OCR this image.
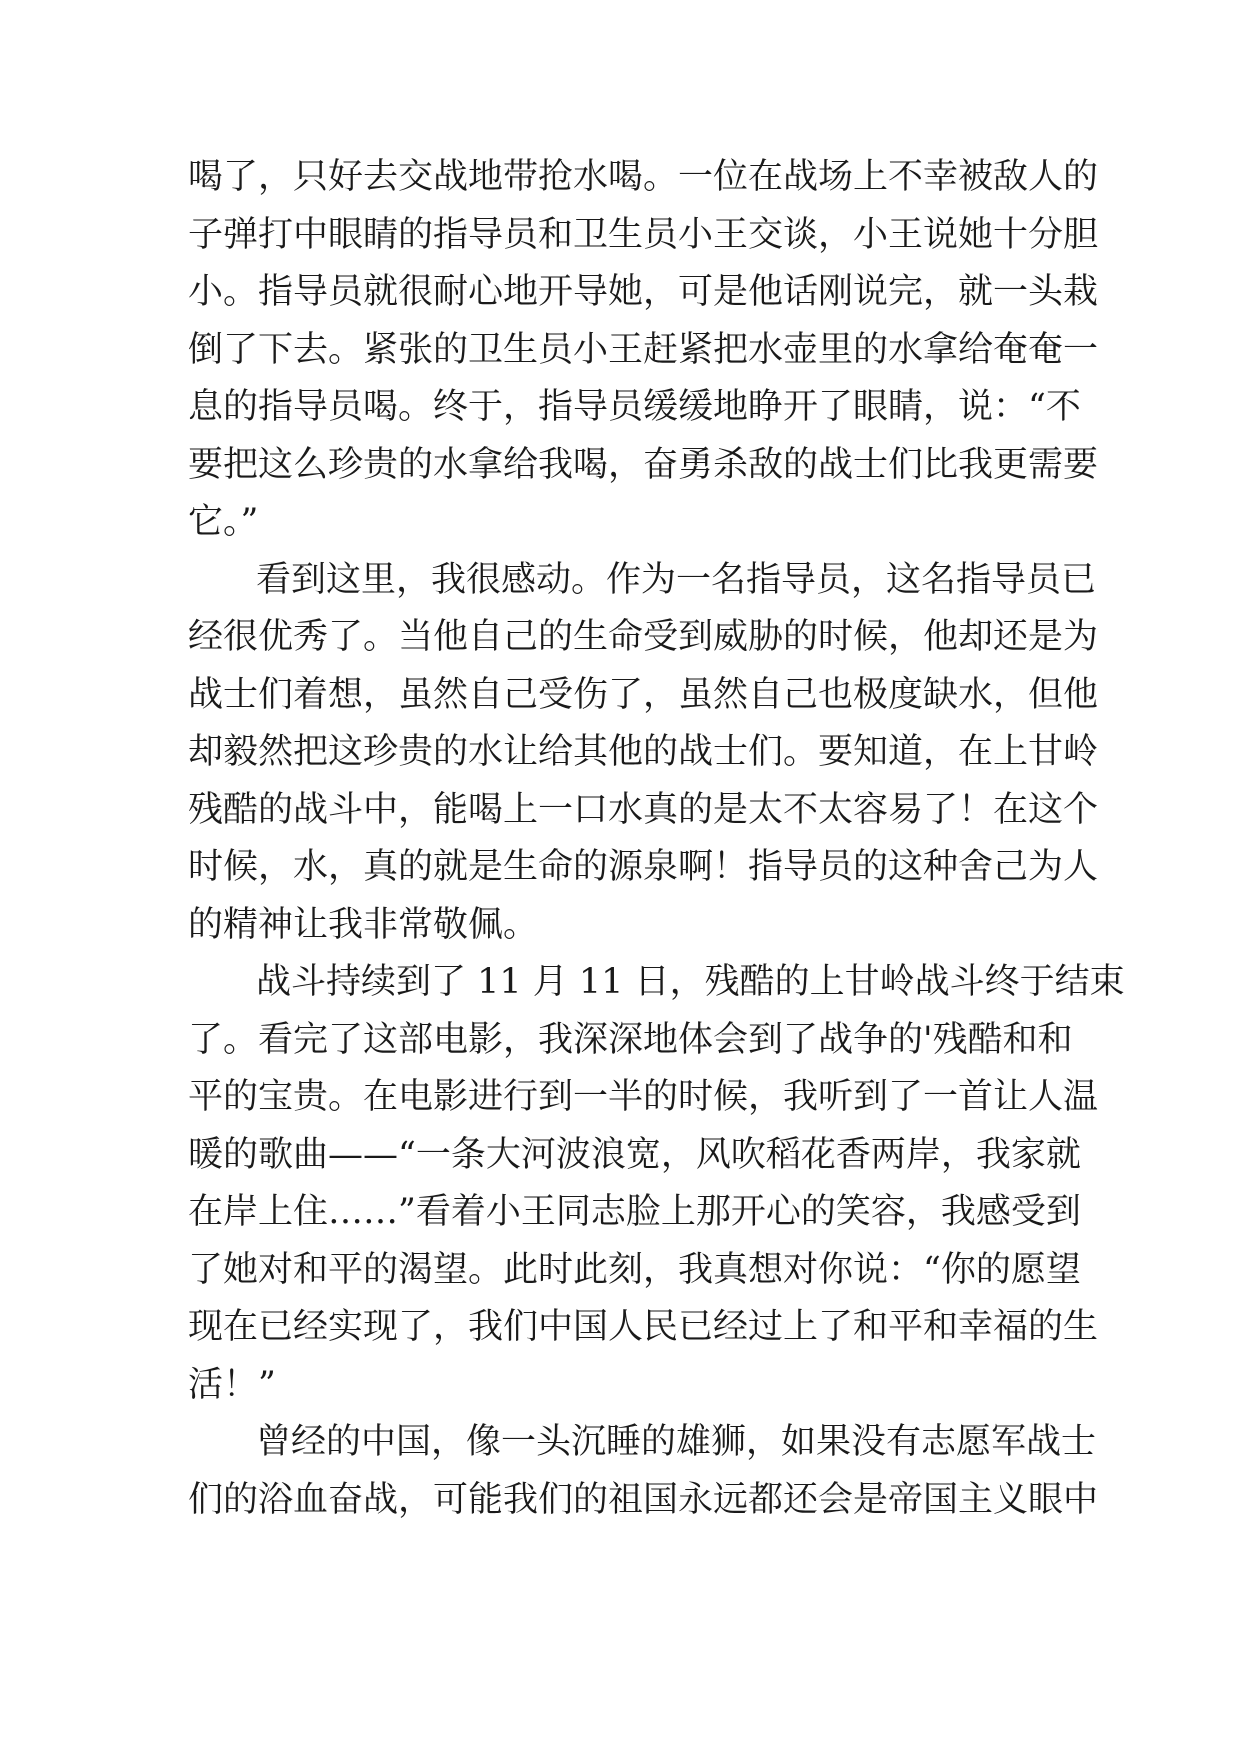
喝了，只好去交战地带抢水喝。一位在战场上不幸被敌人的
子弹打中眼睛的指导员和卫生员小王交谈，小王说她十分胆
小。指导员就很耐心地开导她，可是他话刚说完，就一头栽
倒了下去。紧张的卫生员小王赶紧把水壶里的水拿给奄奄一
息的指导员喝。终于，指导员缓缓地睁开了眼睛，说：“不
要把这么珍贵的水拿给我喝，奋勇杀敌的战士们比我更需要
它。”
看到这里，我很感动。作为一名指导员，这名指导员已
经很优秀了。当他自己的生命受到威胁的时候，他却还是为
战士们着想，虽然自己受伤了，虽然自己也极度缺水，但他
却毅然把这珍贵的水让给其他的战士们。要知道，在上甘岭
残酷的战斗中，能喝上一口水真的是太不太容易了！在这个
时候，水，真的就是生命的源泉啊！指导员的这种舍己为人
的精神让我非常敬佩。
战斗持续到了 11 月 11 日，残酷的上甘岭战斗终于结束
了。看完了这部电影，我深深地体会到了战争的'残酷和和
平的宝贵。在电影进行到一半的时候，我听到了一首让人温
暖的歌曲——“一条大河波浪宽，风吹稻花香两岸，我家就
在岸上住……”看着小王同志脸上那开心的笑容，我感受到
了她对和平的渴望。此时此刻，我真想对你说：“你的愿望
现在已经实现了，我们中国人民已经过上了和平和幸福的生
活！”
曾经的中国，像一头沉睡的雄狮，如果没有志愿军战士
们的浴血奋战，可能我们的祖国永远都还会是帝国主义眼中
